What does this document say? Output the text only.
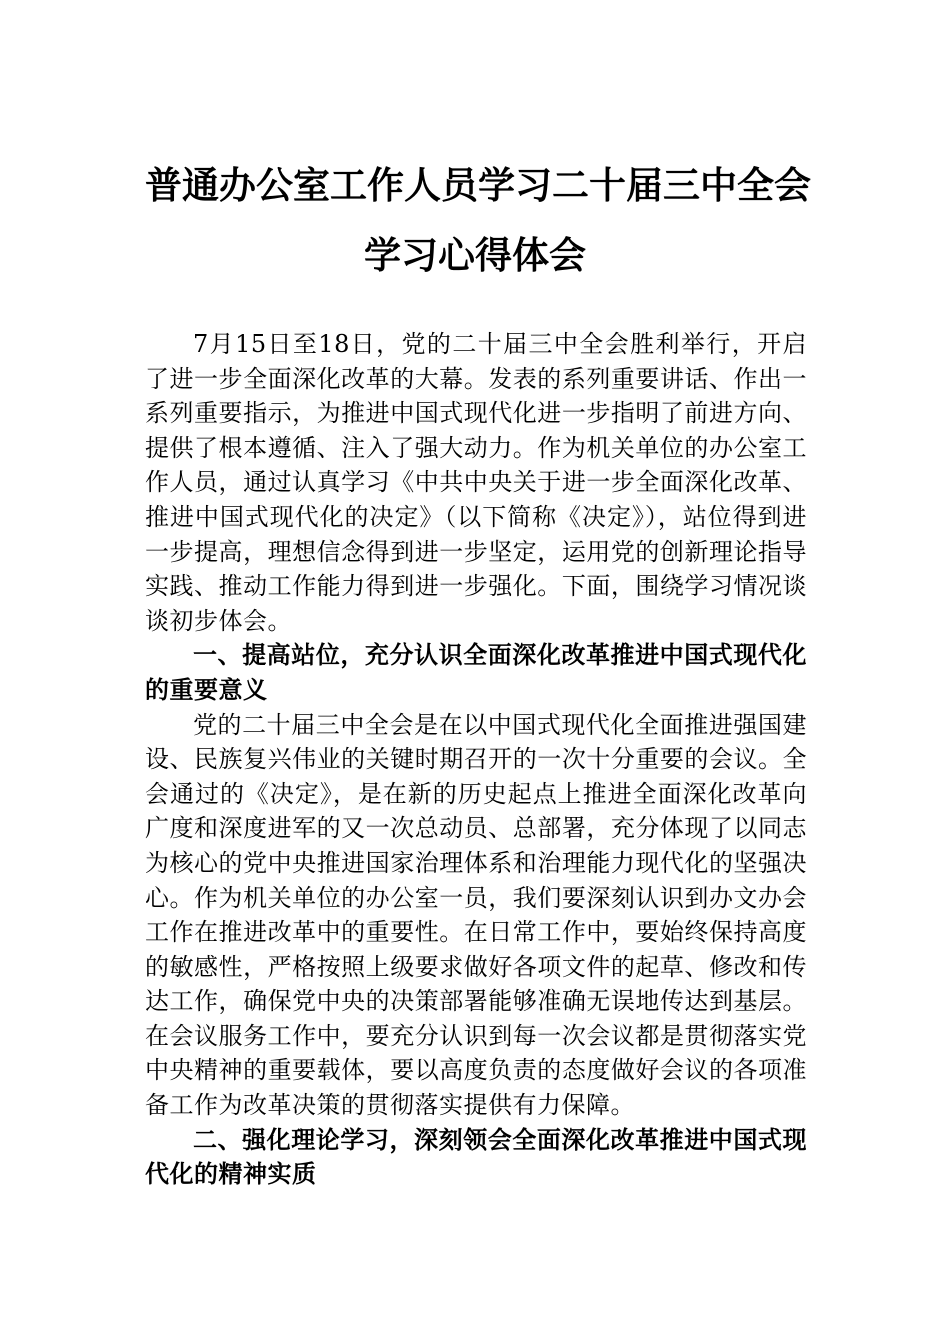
普通办公室工作人员学习二十届三中全会
学习心得体会

7月15日至18日，党的二十届三中全会胜利举行，开启了进一步全面深化改革的大幕。发表的系列重要讲话、作出一系列重要指示，为推进中国式现代化进一步指明了前进方向、提供了根本遵循、注入了强大动力。作为机关单位的办公室工作人员，通过认真学习《中共中央关于进一步全面深化改革、推进中国式现代化的决定》（以下简称《决定》），站位得到进一步提高，理想信念得到进一步坚定，运用党的创新理论指导实践、推动工作能力得到进一步强化。下面，围绕学习情况谈谈初步体会。

一、提高站位，充分认识全面深化改革推进中国式现代化的重要意义

党的二十届三中全会是在以中国式现代化全面推进强国建设、民族复兴伟业的关键时期召开的一次十分重要的会议。全会通过的《决定》，是在新的历史起点上推进全面深化改革向广度和深度进军的又一次总动员、总部署，充分体现了以同志为核心的党中央推进国家治理体系和治理能力现代化的坚强决心。作为机关单位的办公室一员，我们要深刻认识到办文办会工作在推进改革中的重要性。在日常工作中，要始终保持高度的敏感性，严格按照上级要求做好各项文件的起草、修改和传达工作，确保党中央的决策部署能够准确无误地传达到基层。在会议服务工作中，要充分认识到每一次会议都是贯彻落实党中央精神的重要载体，要以高度负责的态度做好会议的各项准备工作为改革决策的贯彻落实提供有力保障。

二、强化理论学习，深刻领会全面深化改革推进中国式现代化的精神实质
